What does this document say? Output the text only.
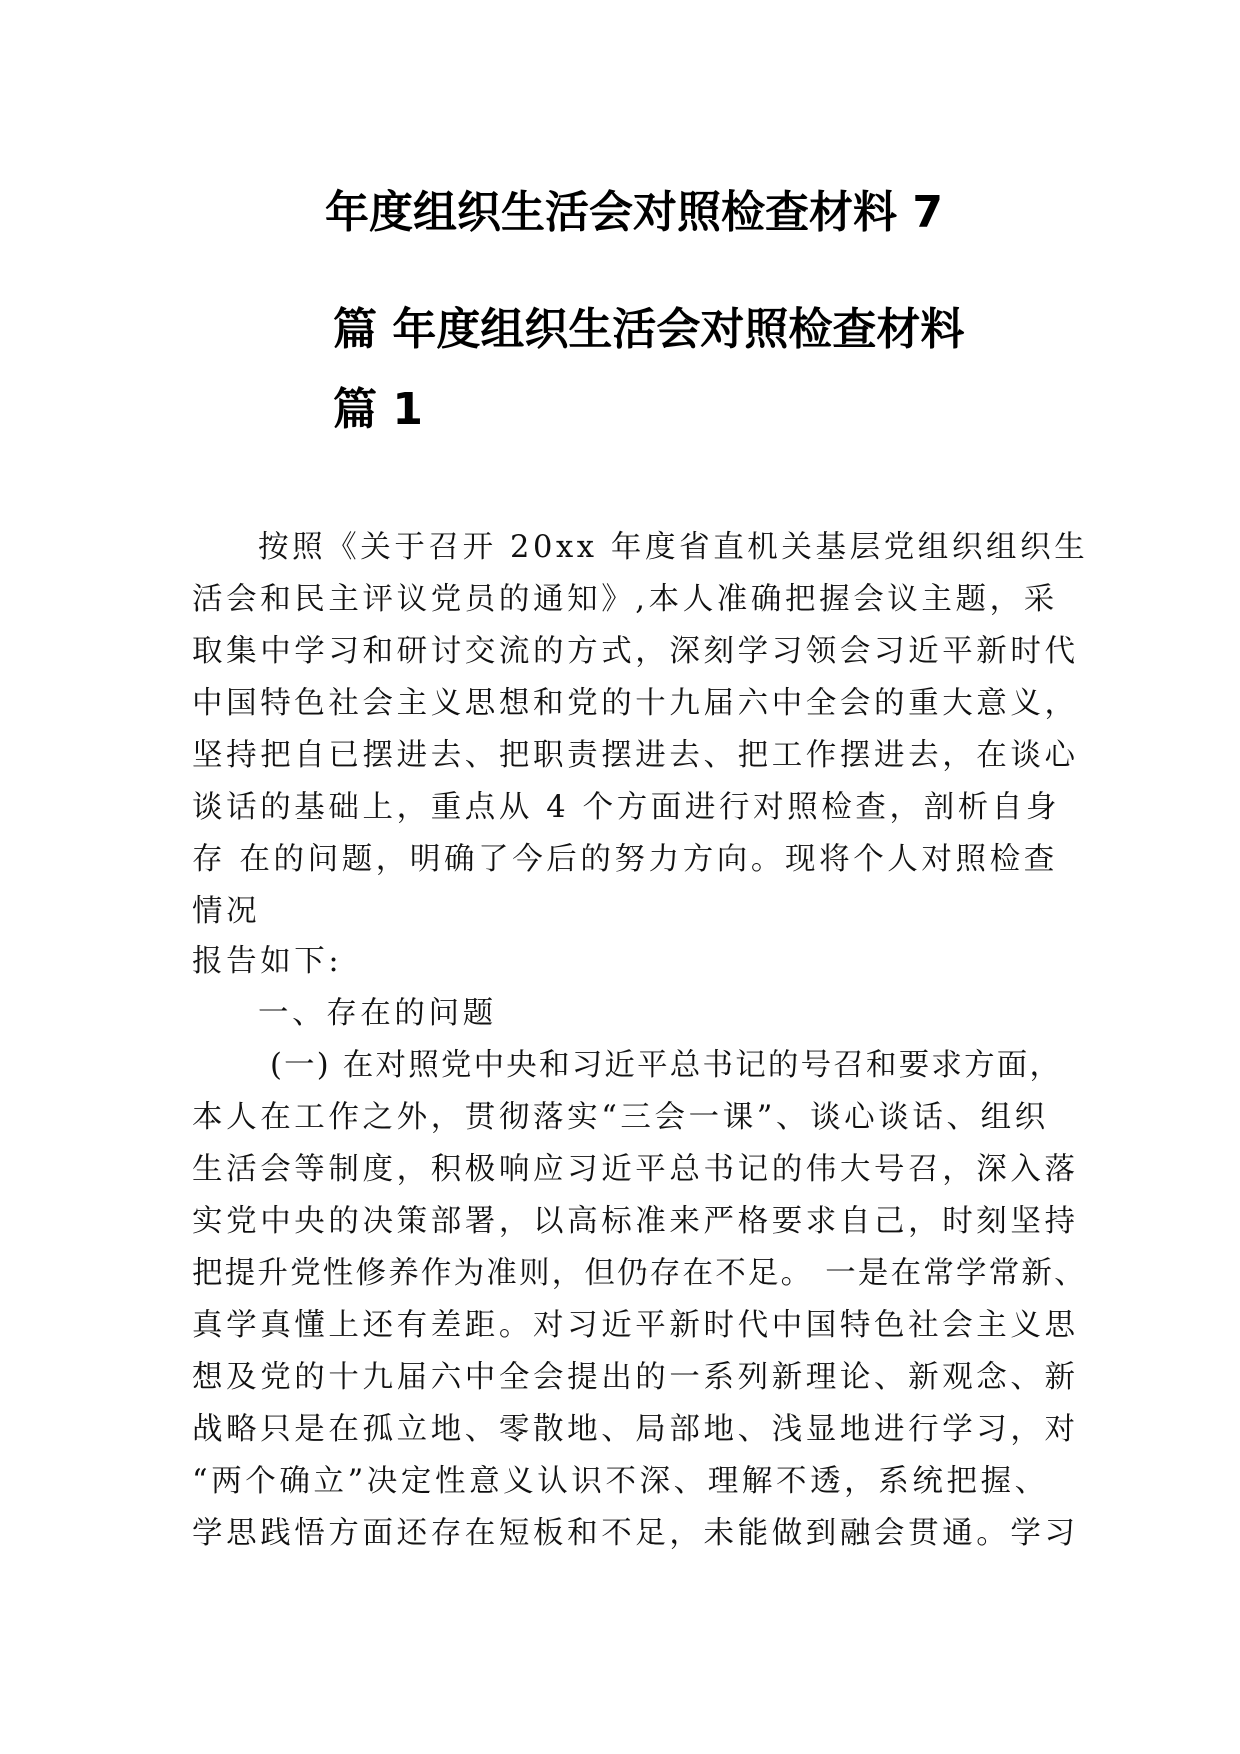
年度组织生活会对照检查材料 7
篇 年度组织生活会对照检查材料
篇 1
按照《关于召开 20xx 年度省直机关基层党组织组织生
活会和民主评议党员的通知》,本人准确把握会议主题，采
取集中学习和研讨交流的方式，深刻学习领会习近平新时代
中国特色社会主义思想和党的十九届六中全会的重大意义，
坚持把自已摆进去、把职责摆进去、把工作摆进去，在谈心
谈话的基础上，重点从 4 个方面进行对照检查，剖析自身
存 在的问题，明确了今后的努力方向。现将个人对照检查
情况
报告如下:
一、存在的问题
(一) 在对照党中央和习近平总书记的号召和要求方面，
本人在工作之外，贯彻落实“三会一课”、谈心谈话、组织
生活会等制度，积极响应习近平总书记的伟大号召，深入落
实党中央的决策部署，以高标准来严格要求自己，时刻坚持
把提升党性修养作为准则，但仍存在不足。 一是在常学常新、
真学真懂上还有差距。对习近平新时代中国特色社会主义思
想及党的十九届六中全会提出的一系列新理论、新观念、新
战略只是在孤立地、零散地、局部地、浅显地进行学习，对
“两个确立”决定性意义认识不深、理解不透，系统把握、
学思践悟方面还存在短板和不足，未能做到融会贯通。学习
